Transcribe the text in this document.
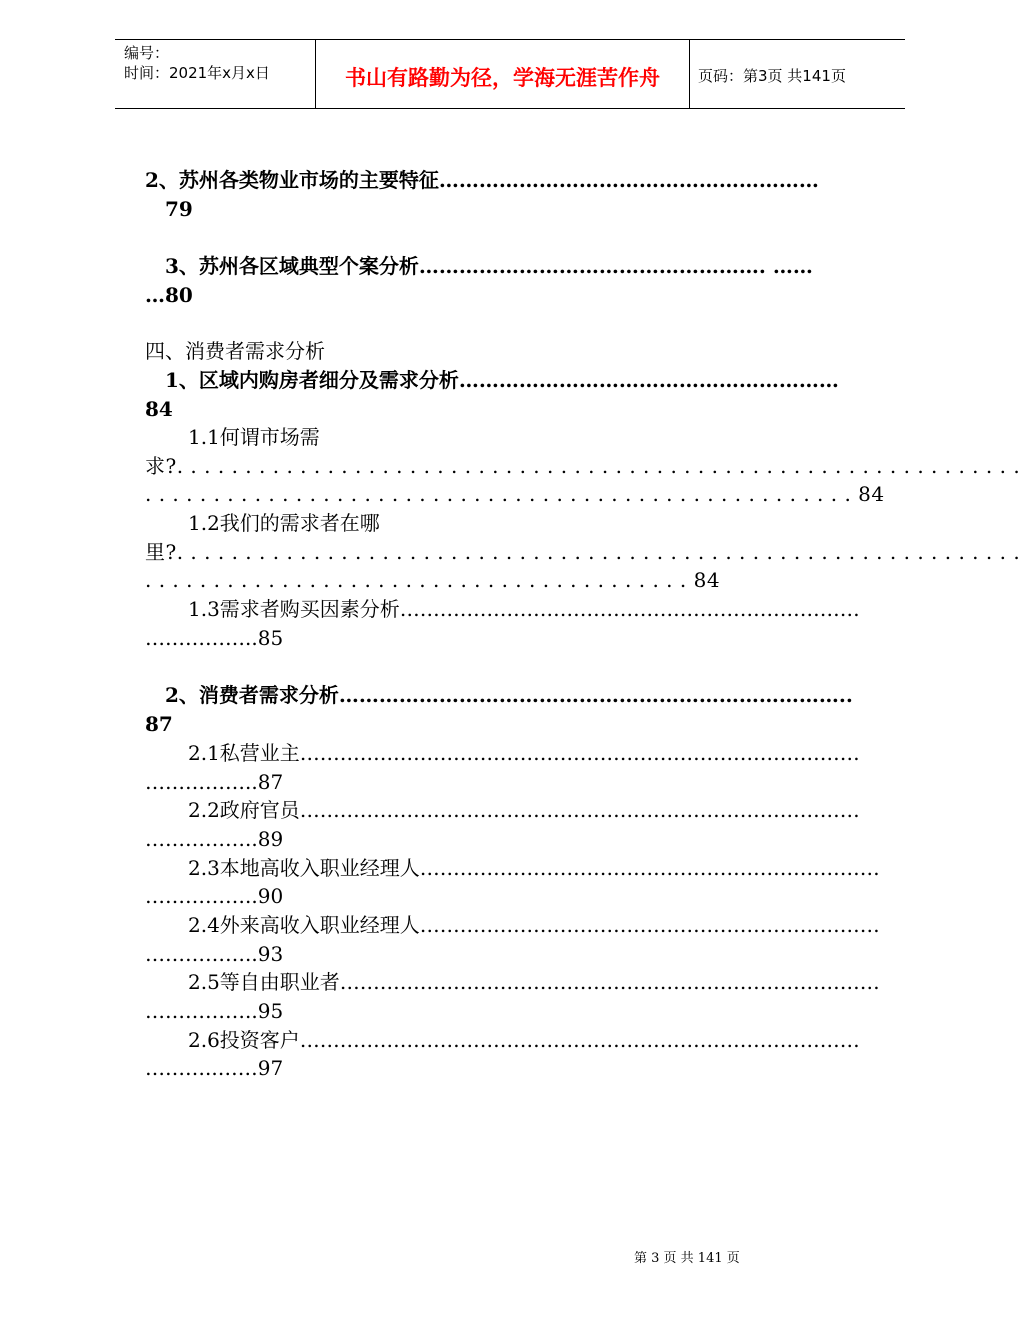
编号：
时间：2021年x月x日	书山有路勤为径，学海无涯苦作舟	页码：第3页 共141页
2、苏州各类物业市场的主要特征…………………………………………………
79
3、苏州各区域典型个案分析……………………………………………. ……
…80
四、消费者需求分析
1、区域内购房者细分及需求分析…………………………………………………
84
1.1何谓市场需
求?. . . . . . . . . . . . . . . . . . . . . . . . . . . . . . . . . . . . . . . . . . . . . . . . . . . . . . . . . . . . . .
. . . . . . . . . . . . . . . . . . . . . . . . . . . . . . . . . . . . . . . . . . . . . . . . . . . . 84
1.2我们的需求者在哪
里?. . . . . . . . . . . . . . . . . . . . . . . . . . . . . . . . . . . . . . . . . . . . . . . . . . . . . . . . . . . . . .
. . . . . . . . . . . . . . . . . . . . . . . . . . . . . . . . . . . . . . . . 84
1.3需求者购买因素分析……………………………………………………………
……………..85
2、消费者需求分析…………………………………………………………………..
87
2.1私营业主…………………………………………………………………………
……………..87
2.2政府官员…………………………………………………………………………
……………..89
2.3本地高收入职业经理人……………………………………………………………
……………..90
2.4外来高收入职业经理人……………………………………………………………
……………..93
2.5等自由职业者………………………………………………………………………
……………..95
2.6投资客户…………………………………………………………………………
………..……97
第 3 页 共 141 页
